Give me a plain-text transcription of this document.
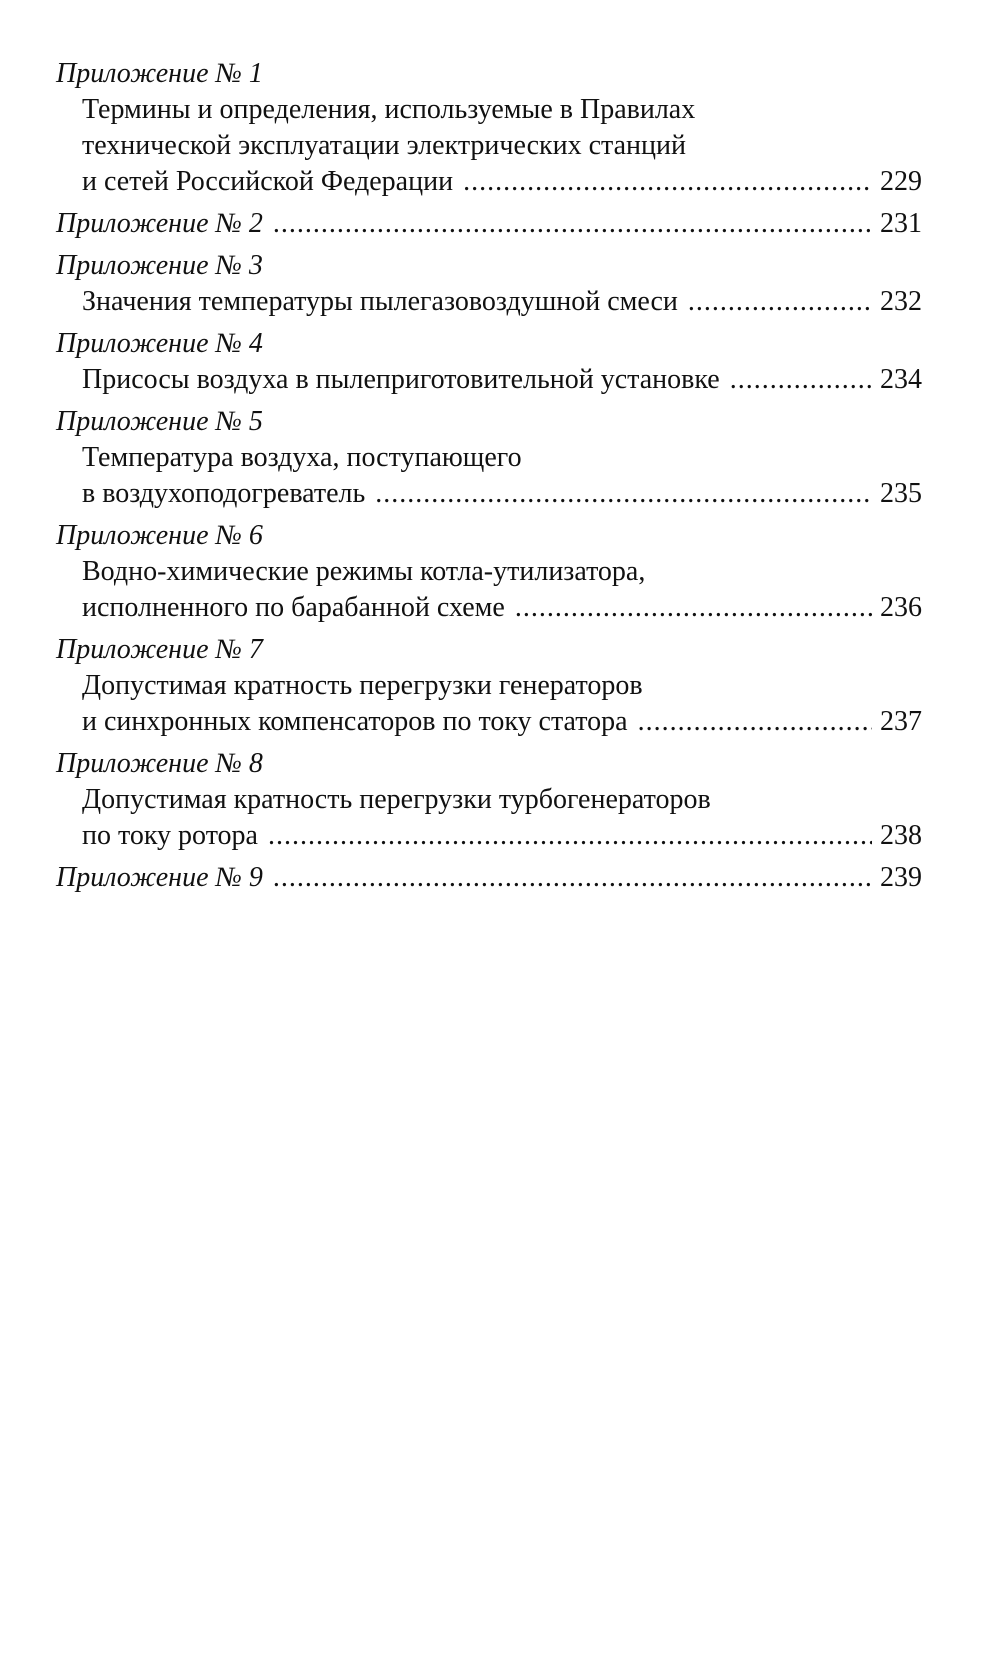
Приложение № 1
Термины и определения, используемые в Правилах
технической эксплуатации электрических станций
и сетей Российской Федерации .....	229
Приложение № 2 .....	231
Приложение № 3
Значения температуры пылегазовоздушной смеси .....	232
Приложение № 4
Присосы воздуха в пылеприготовительной установке .....	234
Приложение № 5
Температура воздуха, поступающего
в воздухоподогреватель .....	235
Приложение № 6
Водно-химические режимы котла-утилизатора,
исполненного по барабанной схеме .....	236
Приложение № 7
Допустимая кратность перегрузки генераторов
и синхронных компенсаторов по току статора .....	237
Приложение № 8
Допустимая кратность перегрузки турбогенераторов
по току ротора .....	238
Приложение № 9 .....	239
